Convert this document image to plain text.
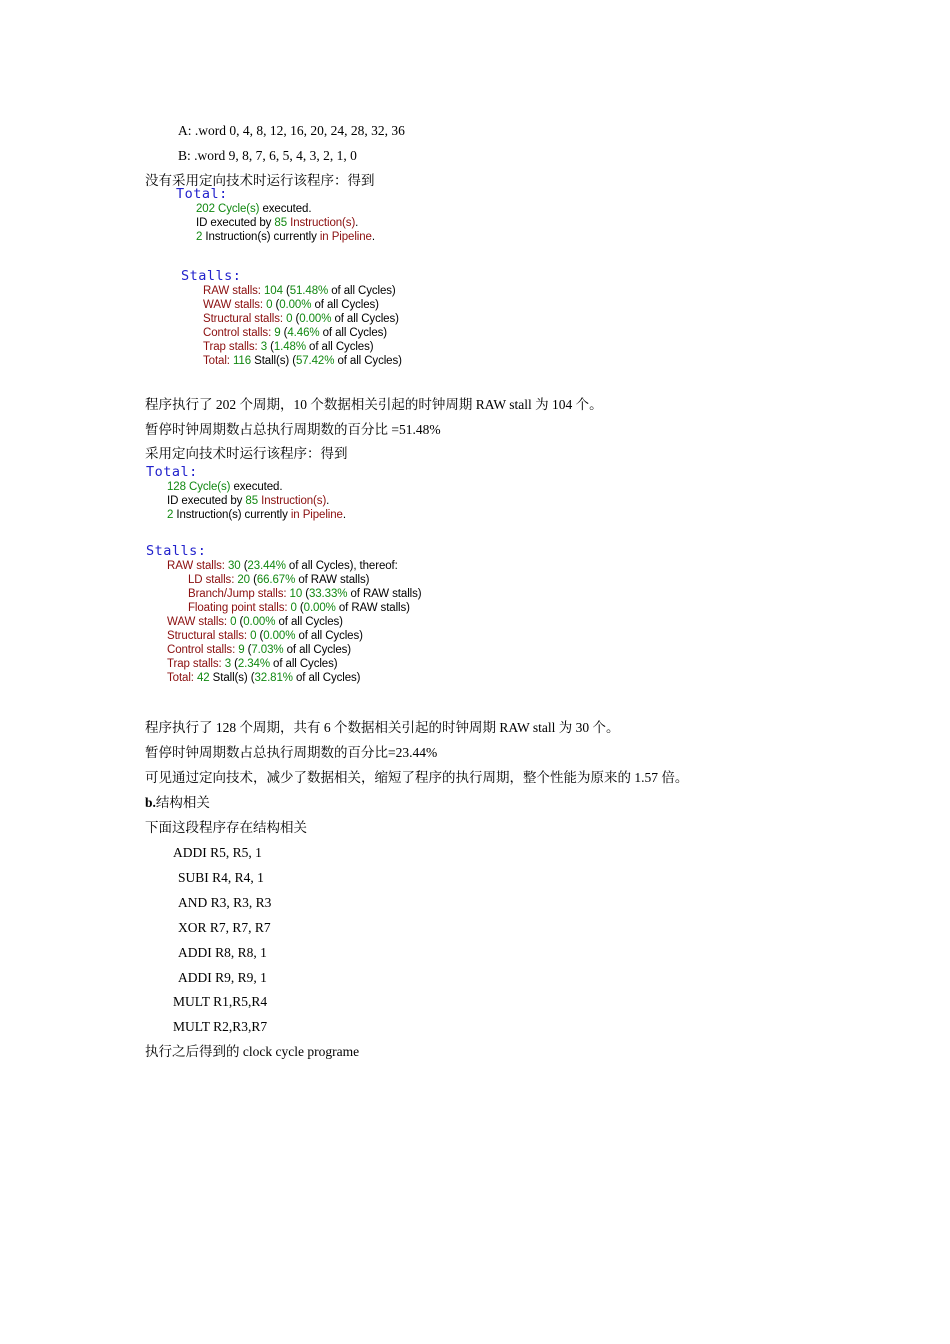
A: .word 0, 4, 8, 12, 16, 20, 24, 28, 32, 36
B: .word 9, 8, 7, 6, 5, 4, 3, 2, 1, 0
没有采用定向技术时运行该程序：得到
Total:
202 Cycle(s) executed.
ID executed by 85 Instruction(s).
2 Instruction(s) currently in Pipeline.
Stalls:
RAW stalls: 104 (51.48% of all Cycles)
WAW stalls: 0 (0.00% of all Cycles)
Structural stalls: 0 (0.00% of all Cycles)
Control stalls: 9 (4.46% of all Cycles)
Trap stalls: 3 (1.48% of all Cycles)
Total: 116 Stall(s) (57.42% of all Cycles)
程序执行了 202 个周期，10 个数据相关引起的时钟周期 RAW stall 为 104 个。
暂停时钟周期数占总执行周期数的百分比 =51.48%
采用定向技术时运行该程序：得到
Total:
128 Cycle(s) executed.
ID executed by 85 Instruction(s).
2 Instruction(s) currently in Pipeline.
Stalls:
RAW stalls: 30 (23.44% of all Cycles), thereof:
LD stalls: 20 (66.67% of RAW stalls)
Branch/Jump stalls: 10 (33.33% of RAW stalls)
Floating point stalls: 0 (0.00% of RAW stalls)
WAW stalls: 0 (0.00% of all Cycles)
Structural stalls: 0 (0.00% of all Cycles)
Control stalls: 9 (7.03% of all Cycles)
Trap stalls: 3 (2.34% of all Cycles)
Total: 42 Stall(s) (32.81% of all Cycles)
程序执行了 128 个周期，共有 6 个数据相关引起的时钟周期 RAW stall 为 30 个。
暂停时钟周期数占总执行周期数的百分比=23.44%
可见通过定向技术，减少了数据相关，缩短了程序的执行周期，整个性能为原来的 1.57 倍。
b.结构相关
下面这段程序存在结构相关
ADDI R5, R5, 1
SUBI R4, R4, 1
AND R3, R3, R3
XOR R7, R7, R7
ADDI R8, R8, 1
ADDI R9, R9, 1
MULT R1,R5,R4
MULT R2,R3,R7
执行之后得到的 clock cycle programe
